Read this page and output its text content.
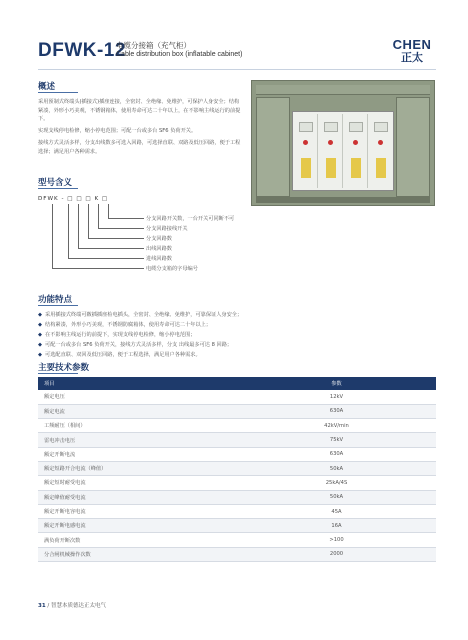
DFWK-12
电缆分接箱（充气柜）
Cable distribution box (inflatable cabinet)
CHEN
正太
概述
采用预制式终端头(插接式)插座连接，全密封、全绝缘、免维护，可保护人身安全；结构紧凑，外形小巧美观，不锈钢箱体，使用寿命可达二十年以上，在不影响主线运行的前提下。
实现支线停电检修，缩小停电范围；可配一台或多台 SF6 负荷开关。
接线方式灵活多样，分支出线数多可选入回路，可选择直联、双路及低压回路，便于工程选择；满足用户各种需求。
型号含义
DFWK - □ □ □ K □
分支回路开关数，一台开关可同断不可
分支回路接线开关
分支回路数
出线回路数
进线回路数
电缆分支箱的字母编号
功能特点
◆ 采用插接式终端可敞插插座检电插头，全密封、全绝缘、免维护，可靠保证人身安全；
◆ 结构紧凑，外形小巧美观，不锈钢防腐箱体，使用寿命可达二十年以上；
◆ 在不影响主线运行的前提下，实现支线停电检修，缩小停电范围；
◆ 可配一台或多台 SF6 负荷开关，接线方式灵活多样，分支 出线最多可达 8 回路；
◆ 可选配直联、双回及低压回路，便于工程选择，满足用户各种需求。
主要技术参数
项目	参数
额定电压	12kV
额定电流	630A
工频耐压（相间）	42kV/min
雷电冲击电压	75kV
额定开断电流	630A
额定短路开合电流（峰值）	50kA
额定短时耐受电流	25kA/4S
额定峰值耐受电流	50kA
额定开断电容电流	45A
额定开断电感电流	16A
满负荷开断次数	>100
分合闸机械操作次数	2000
31 / 智慧本质德达正太电气
